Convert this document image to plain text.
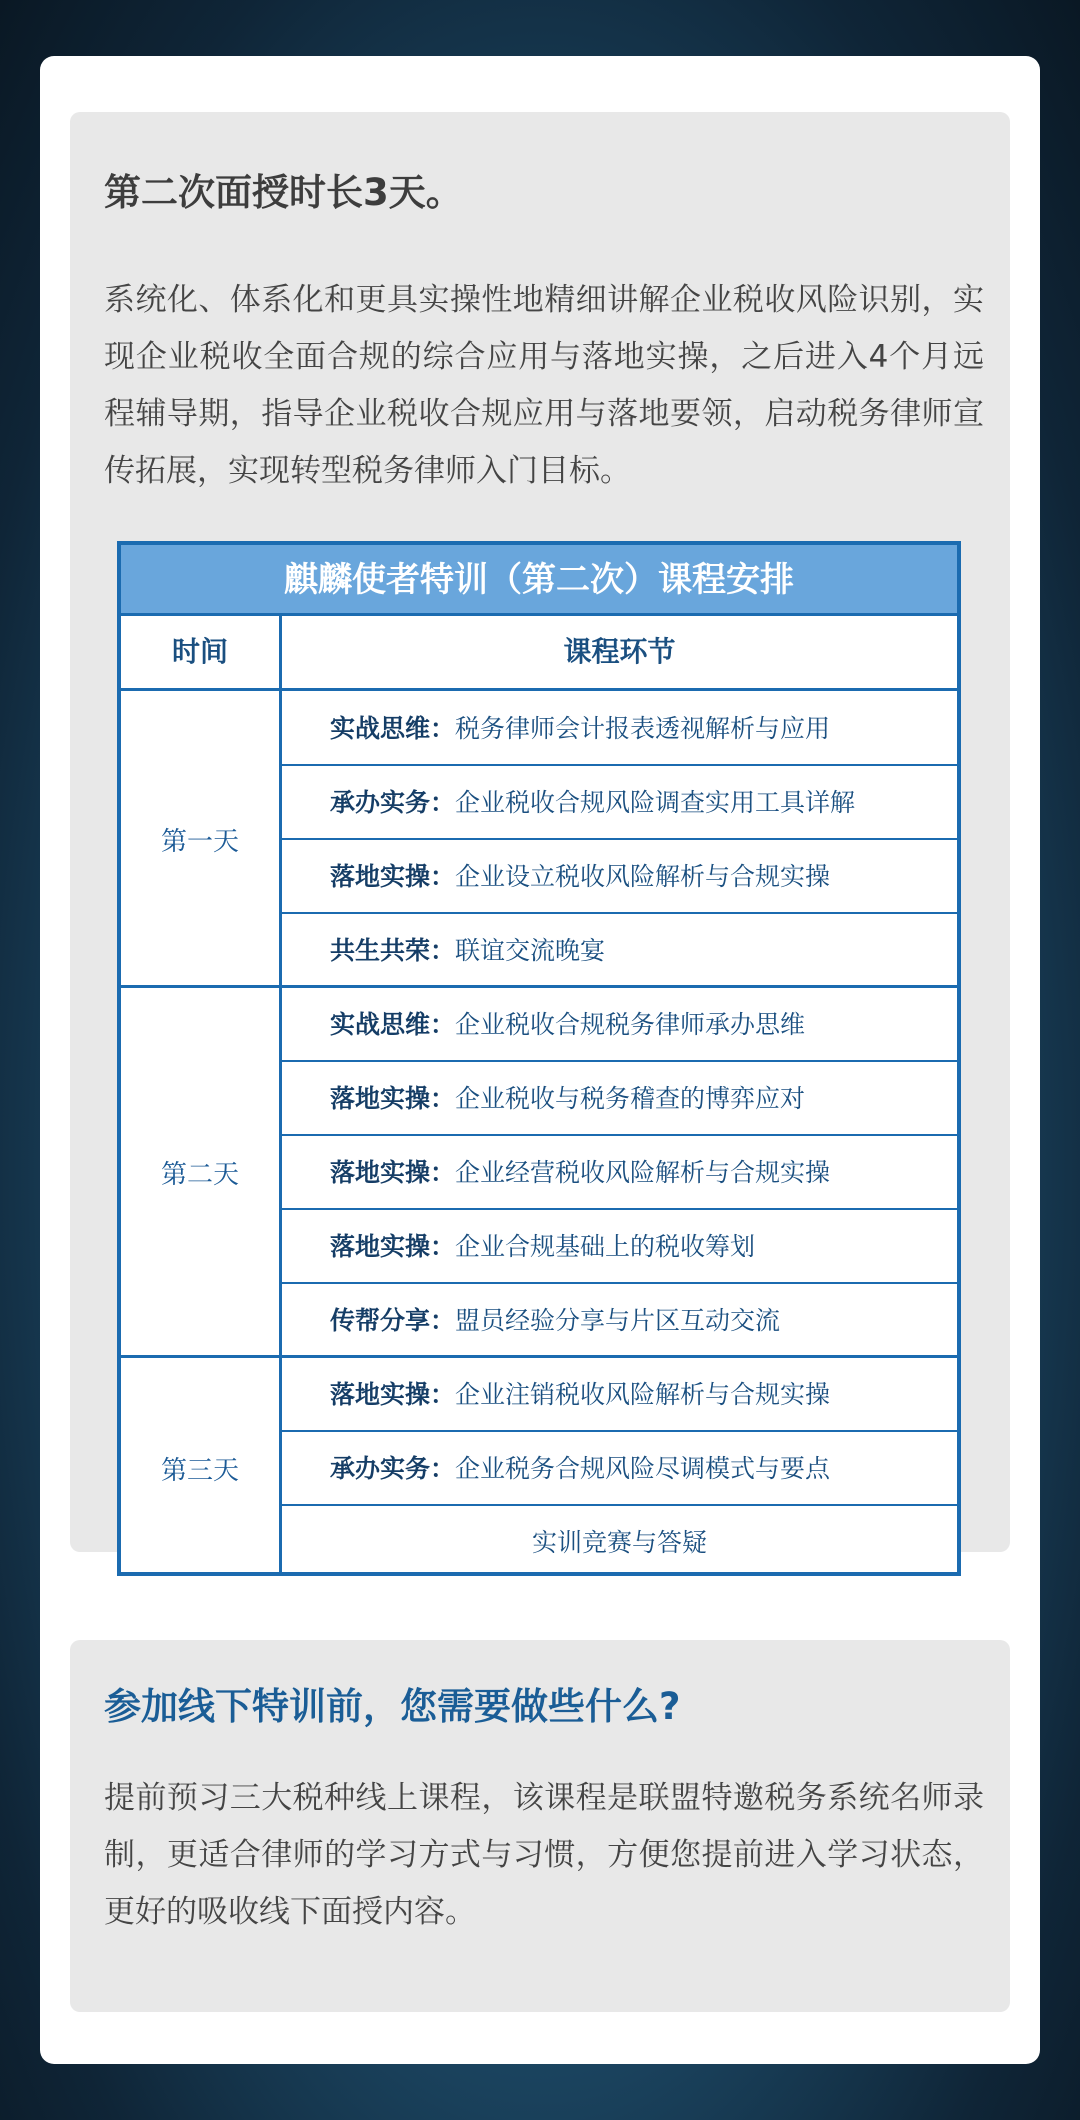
第二次面授时长3天。
系统化、体系化和更具实操性地精细讲解企业税收风险识别，实现企业税收全面合规的综合应用与落地实操，之后进入4个月远程辅导期，指导企业税收合规应用与落地要领，启动税务律师宣传拓展，实现转型税务律师入门目标。
麒麟使者特训（第二次）课程安排
时间	课程环节
第一天
实战思维： 税务律师会计报表透视解析与应用
承办实务： 企业税收合规风险调查实用工具详解
落地实操： 企业设立税收风险解析与合规实操
共生共荣： 联谊交流晚宴
第二天
实战思维： 企业税收合规税务律师承办思维
落地实操： 企业税收与税务稽查的博弈应对
落地实操： 企业经营税收风险解析与合规实操
落地实操： 企业合规基础上的税收筹划
传帮分享： 盟员经验分享与片区互动交流
第三天
落地实操： 企业注销税收风险解析与合规实操
承办实务： 企业税务合规风险尽调模式与要点
实训竞赛与答疑
参加线下特训前，您需要做些什么?
提前预习三大税种线上课程，该课程是联盟特邀税务系统名师录制，更适合律师的学习方式与习惯，方便您提前进入学习状态，更好的吸收线下面授内容。
